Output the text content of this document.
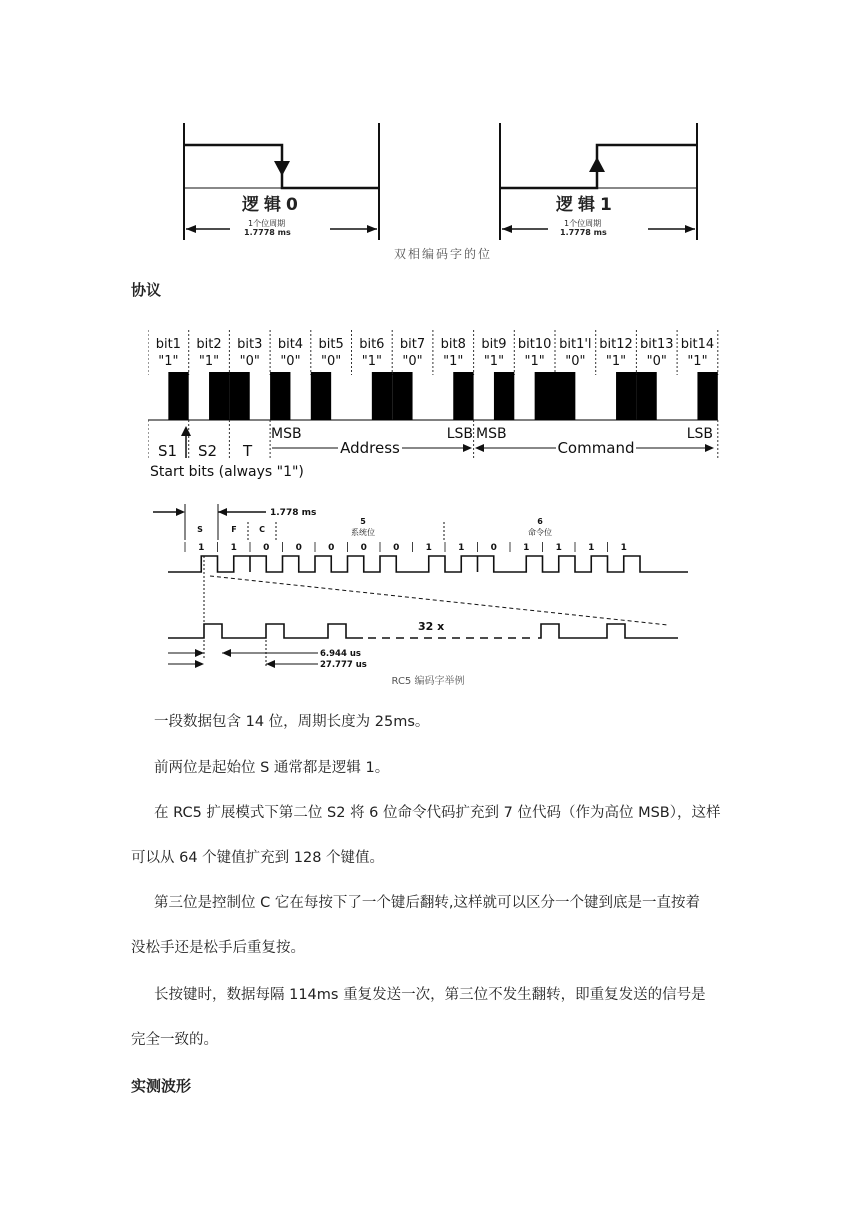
逻辑0	逻辑1
1个位周期
1.7778 ms
1个位周期
1.7778 ms
双相编码字的位
协议
bit1
"1"
bit2
"1"
bit3
"0"
bit4
"0"
bit5
"0"
bit6
"1"
bit7
"0"
bit8
"1"
bit9
"1"
bit10
"1"
bit1'l
"0"
bit12
"1"
bit13
"0"
bit14
"1"
S1 S2 T
MSB	LSB MSB	LSB
Address	Command
Start bits (always "1")
1.778 ms
S	F	C
5
系统位
6
命令位
1	1	0	0	0	0	0	1	1	0	1	1	1	1
32 x
6.944 us
27.777 us
RC5 编码字举例
一段数据包含 14 位，周期长度为 25ms。
前两位是起始位 S 通常都是逻辑 1。
在 RC5 扩展模式下第二位 S2 将 6 位命令代码扩充到 7 位代码（作为高位 MSB），这样
可以从 64 个键值扩充到 128 个键值。
第三位是控制位 C 它在每按下了一个键后翻转,这样就可以区分一个键到底是一直按着
没松手还是松手后重复按。
长按键时，数据每隔 114ms 重复发送一次，第三位不发生翻转，即重复发送的信号是
完全一致的。
实测波形
